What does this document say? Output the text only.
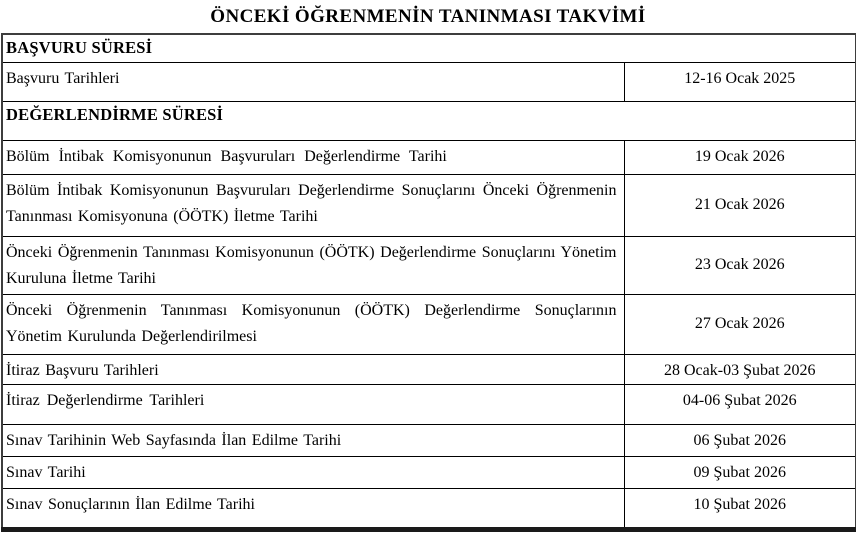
ÖNCEKİ ÖĞRENMENİN TANINMASI TAKVİMİ
BAŞVURU SÜRESİ	
Başvuru Tarihleri	12-16 Ocak 2025
DEĞERLENDİRME SÜRESİ	
Bölüm İntibak Komisyonunun Başvuruları Değerlendirme Tarihi	19 Ocak 2026
Bölüm İntibak Komisyonunun Başvuruları Değerlendirme Sonuçlarını Önceki Öğrenmenin Tanınması Komisyonuna (ÖÖTK) İletme Tarihi	21 Ocak 2026
Önceki Öğrenmenin Tanınması Komisyonunun (ÖÖTK) Değerlendirme Sonuçlarını Yönetim Kuruluna İletme Tarihi	23 Ocak 2026
Önceki Öğrenmenin Tanınması Komisyonunun (ÖÖTK) Değerlendirme Sonuçlarının Yönetim Kurulunda Değerlendirilmesi	27 Ocak 2026
İtiraz Başvuru Tarihleri	28 Ocak-03 Şubat 2026
İtiraz Değerlendirme Tarihleri	04-06 Şubat 2026
Sınav Tarihinin Web Sayfasında İlan Edilme Tarihi	06 Şubat 2026
Sınav Tarihi	09 Şubat 2026
Sınav Sonuçlarının İlan Edilme Tarihi	10 Şubat 2026
